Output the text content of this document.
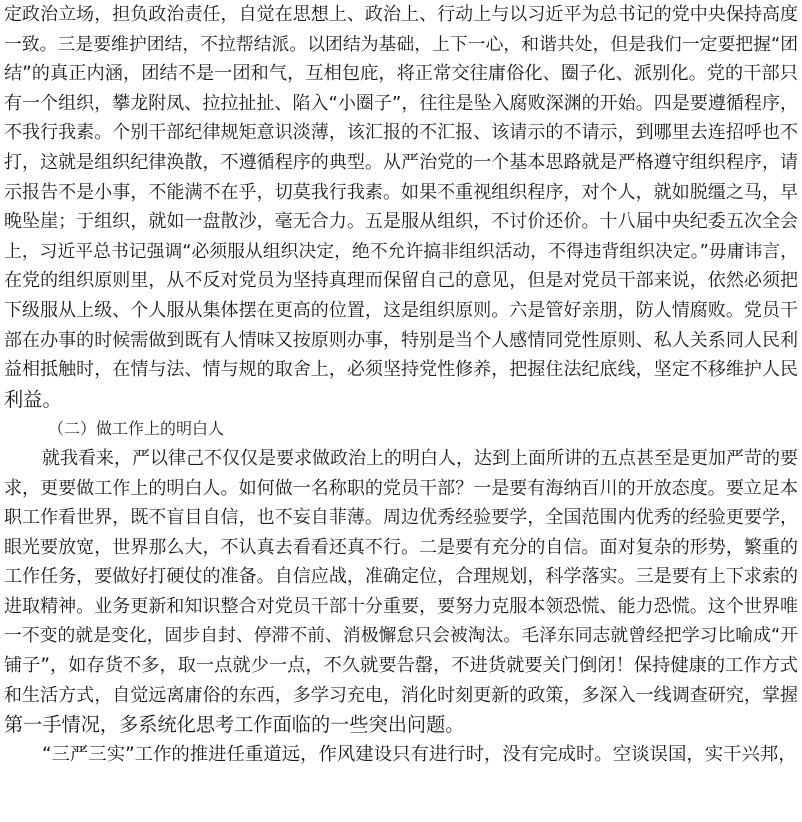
定政治立场，担负政治责任，自觉在思想上、政治上、行动上与以习近平为总书记的党中央保持高度
一致。三是要维护团结，不拉帮结派。以团结为基础，上下一心，和谐共处，但是我们一定要把握“团
结”的真正内涵，团结不是一团和气，互相包庇，将正常交往庸俗化、圈子化、派别化。党的干部只
有一个组织，攀龙附凤、拉拉扯扯、陷入“小圈子”，往往是坠入腐败深渊的开始。四是要遵循程序，
不我行我素。个别干部纪律规矩意识淡薄，该汇报的不汇报、该请示的不请示，到哪里去连招呼也不
打，这就是组织纪律涣散，不遵循程序的典型。从严治党的一个基本思路就是严格遵守组织程序，请
示报告不是小事，不能满不在乎，切莫我行我素。如果不重视组织程序，对个人，就如脱缰之马，早
晚坠崖；于组织，就如一盘散沙，毫无合力。五是服从组织，不讨价还价。十八届中央纪委五次全会
上，习近平总书记强调“必须服从组织决定，绝不允许搞非组织活动，不得违背组织决定。”毋庸讳言，
在党的组织原则里，从不反对党员为坚持真理而保留自己的意见，但是对党员干部来说，依然必须把
下级服从上级、个人服从集体摆在更高的位置，这是组织原则。六是管好亲朋，防人情腐败。党员干
部在办事的时候需做到既有人情味又按原则办事，特别是当个人感情同党性原则、私人关系同人民利
益相抵触时，在情与法、情与规的取舍上，必须坚持党性修养，把握住法纪底线，坚定不移维护人民
利益。
（二）做工作上的明白人
就我看来，严以律己不仅仅是要求做政治上的明白人，达到上面所讲的五点甚至是更加严苛的要
求，更要做工作上的明白人。如何做一名称职的党员干部？一是要有海纳百川的开放态度。要立足本
职工作看世界，既不盲目自信，也不妄自菲薄。周边优秀经验要学，全国范围内优秀的经验更要学，
眼光要放宽，世界那么大，不认真去看看还真不行。二是要有充分的自信。面对复杂的形势，繁重的
工作任务，要做好打硬仗的准备。自信应战，准确定位，合理规划，科学落实。三是要有上下求索的
进取精神。业务更新和知识整合对党员干部十分重要，要努力克服本领恐慌、能力恐慌。这个世界唯
一不变的就是变化，固步自封、停滞不前、消极懈怠只会被淘汰。毛泽东同志就曾经把学习比喻成“开
铺子”，如存货不多，取一点就少一点，不久就要告罄，不进货就要关门倒闭！保持健康的工作方式
和生活方式，自觉远离庸俗的东西，多学习充电，消化时刻更新的政策，多深入一线调查研究，掌握
第一手情况，多系统化思考工作面临的一些突出问题。
“三严三实”工作的推进任重道远，作风建设只有进行时，没有完成时。空谈误国，实干兴邦，
